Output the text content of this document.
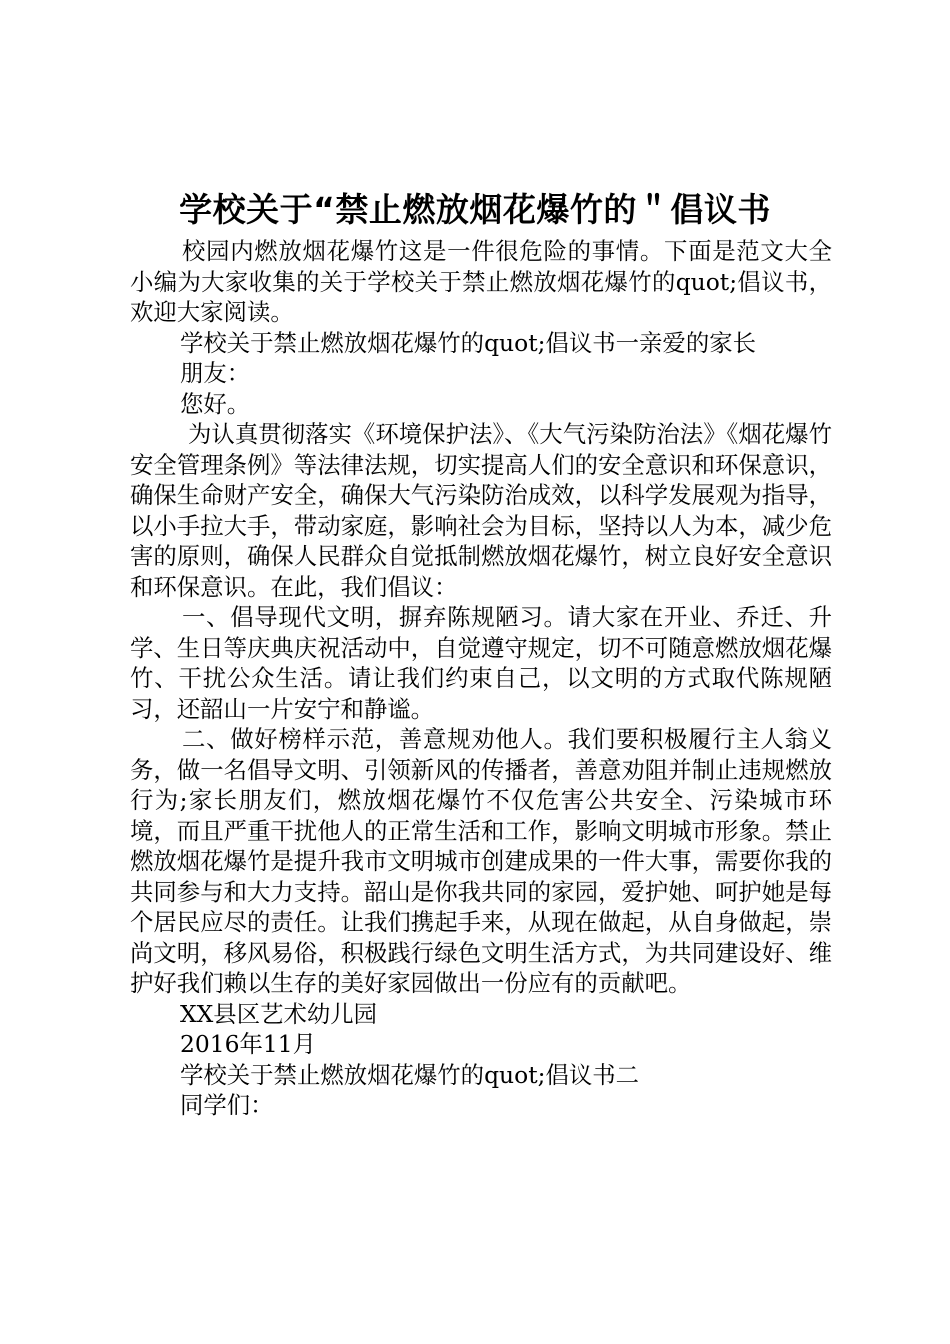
学校关于“禁止燃放烟花爆竹的＂倡议书

校园内燃放烟花爆竹这是一件很危险的事情。下面是范文大全小编为大家收集的关于学校关于禁止燃放烟花爆竹的quot;倡议书，欢迎大家阅读。

学校关于禁止燃放烟花爆竹的quot;倡议书一亲爱的家长

朋友：

您好。

为认真贯彻落实《环境保护法》、《大气污染防治法》《烟花爆竹安全管理条例》等法律法规，切实提高人们的安全意识和环保意识，确保生命财产安全，确保大气污染防治成效，以科学发展观为指导，以小手拉大手，带动家庭，影响社会为目标，坚持以人为本，减少危害的原则，确保人民群众自觉抵制燃放烟花爆竹，树立良好安全意识和环保意识。在此，我们倡议：

一、倡导现代文明，摒弃陈规陋习。请大家在开业、乔迁、升学、生日等庆典庆祝活动中，自觉遵守规定，切不可随意燃放烟花爆竹、干扰公众生活。请让我们约束自己，以文明的方式取代陈规陋习，还韶山一片安宁和静谧。

二、做好榜样示范，善意规劝他人。我们要积极履行主人翁义务，做一名倡导文明、引领新风的传播者，善意劝阻并制止违规燃放行为;家长朋友们，燃放烟花爆竹不仅危害公共安全、污染城市环境，而且严重干扰他人的正常生活和工作，影响文明城市形象。禁止燃放烟花爆竹是提升我市文明城市创建成果的一件大事，需要你我的共同参与和大力支持。韶山是你我共同的家园，爱护她、呵护她是每个居民应尽的责任。让我们携起手来，从现在做起，从自身做起，崇尚文明，移风易俗，积极践行绿色文明生活方式，为共同建设好、维护好我们赖以生存的美好家园做出一份应有的贡献吧。

XX县区艺术幼儿园

2016年11月

学校关于禁止燃放烟花爆竹的quot;倡议书二

同学们：
